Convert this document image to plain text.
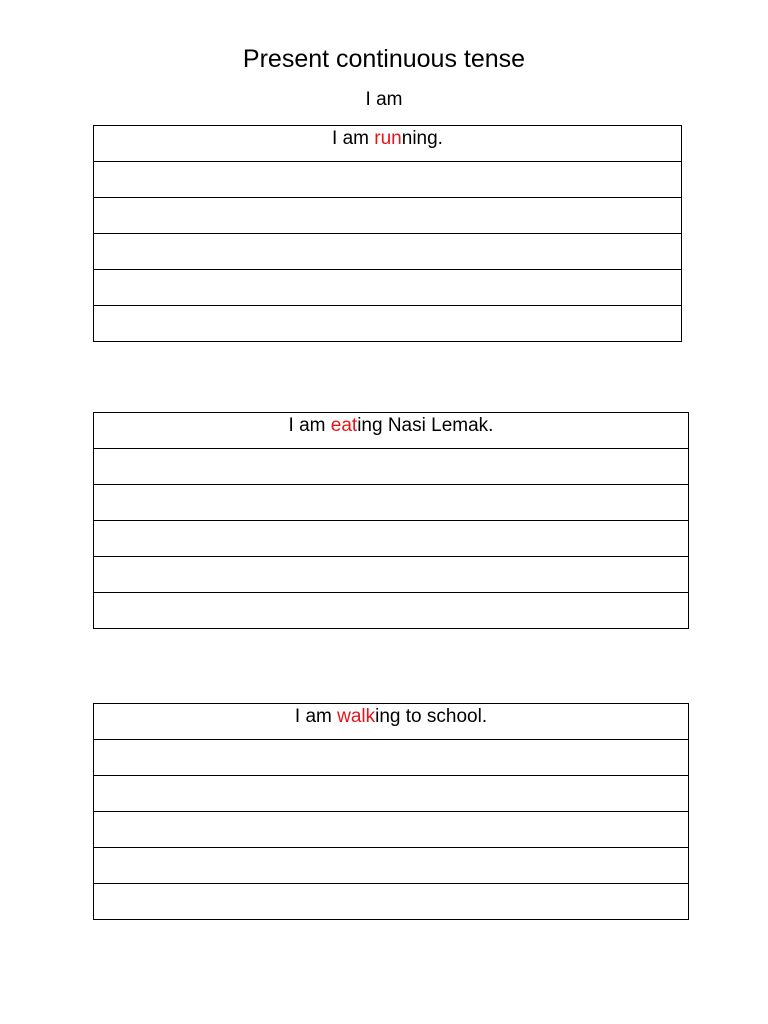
Present continuous tense
I am
I am running.

I am eating Nasi Lemak.

I am walking to school.
